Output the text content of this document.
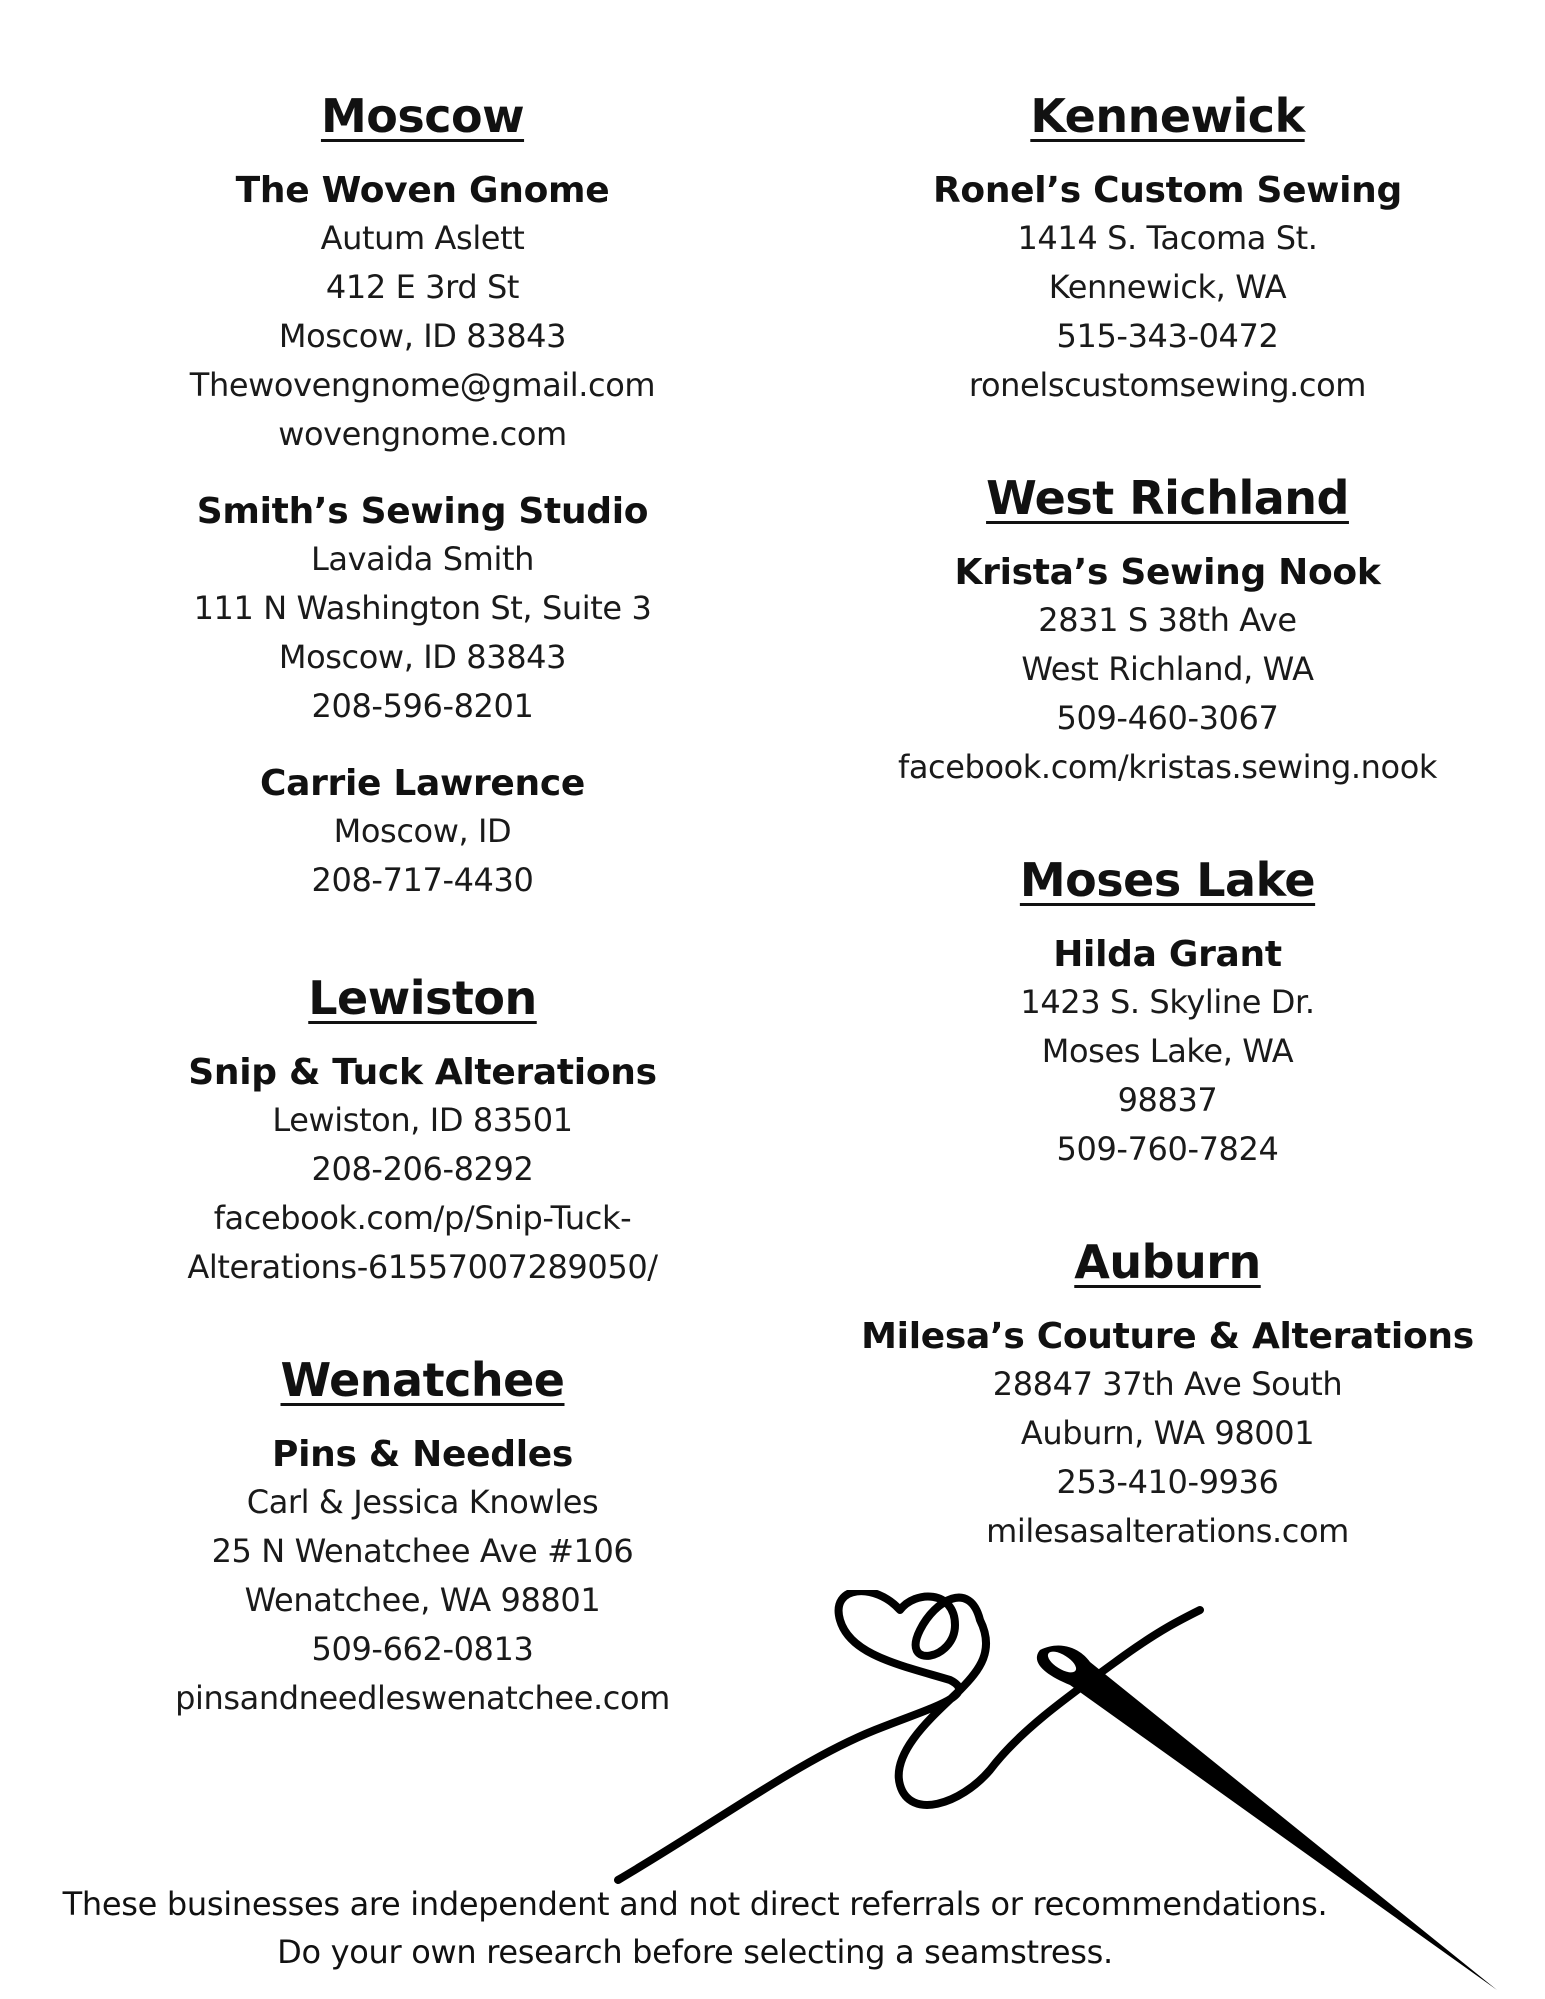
Moscow
The Woven Gnome
Autum Aslett
412 E 3rd St
Moscow, ID 83843
Thewovengnome@gmail.com
wovengnome.com
Smith’s Sewing Studio
Lavaida Smith
111 N Washington St, Suite 3
Moscow, ID 83843
208-596-8201
Carrie Lawrence
Moscow, ID
208-717-4430
Lewiston
Snip & Tuck Alterations
Lewiston, ID 83501
208-206-8292
facebook.com/p/Snip-Tuck-
Alterations-61557007289050/
Wenatchee
Pins & Needles
Carl & Jessica Knowles
25 N Wenatchee Ave #106
Wenatchee, WA 98801
509-662-0813
pinsandneedleswenatchee.com
Kennewick
Ronel’s Custom Sewing
1414 S. Tacoma St.
Kennewick, WA
515-343-0472
ronelscustomsewing.com
West Richland
Krista’s Sewing Nook
2831 S 38th Ave
West Richland, WA
509-460-3067
facebook.com/kristas.sewing.nook
Moses Lake
Hilda Grant
1423 S. Skyline Dr.
Moses Lake, WA
98837
509-760-7824
Auburn
Milesa’s Couture & Alterations
28847 37th Ave South
Auburn, WA 98001
253-410-9936
milesasalterations.com
These businesses are independent and not direct referrals or recommendations.
Do your own research before selecting a seamstress.
